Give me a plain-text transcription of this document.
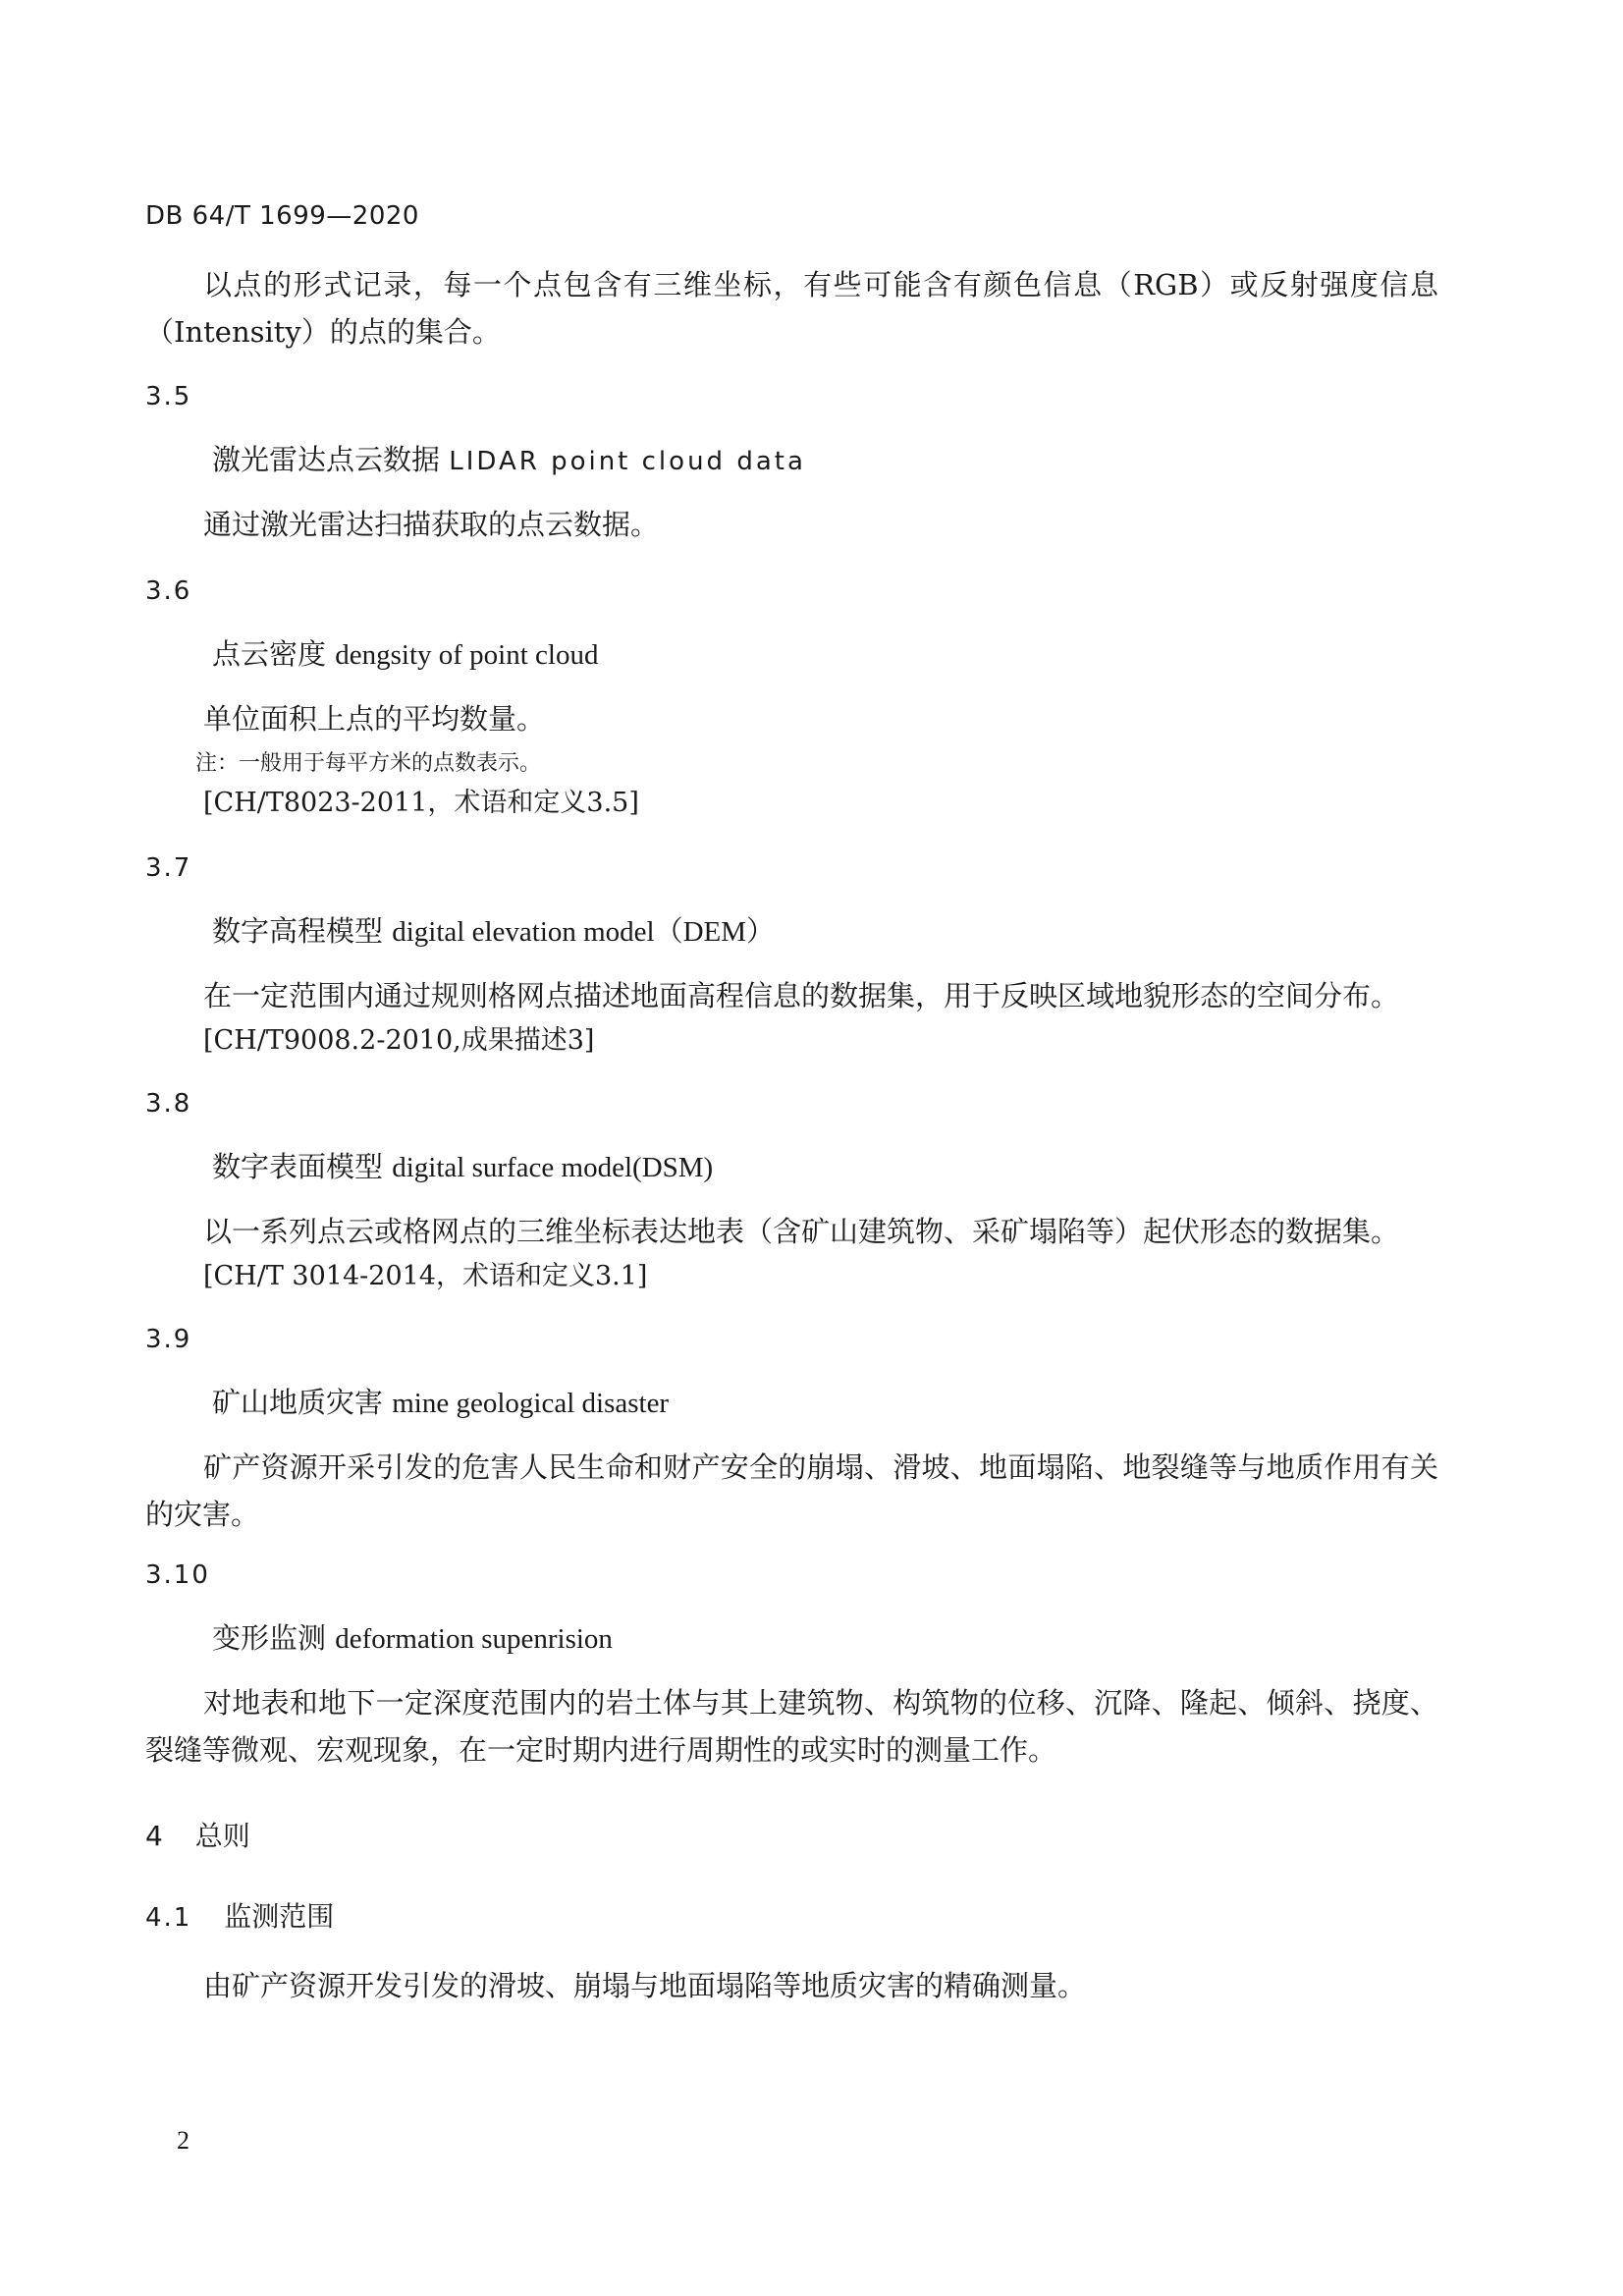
DB 64/T 1699—2020
以点的形式记录，每一个点包含有三维坐标，有些可能含有颜色信息（RGB）或反射强度信息
（Intensity）的点的集合。
3.5
激光雷达点云数据 LIDAR point cloud data
通过激光雷达扫描获取的点云数据。
3.6
点云密度 dengsity of point cloud
单位面积上点的平均数量。
注：一般用于每平方米的点数表示。
[CH/T8023-2011，术语和定义3.5]
3.7
数字高程模型 digital elevation model（DEM）
在一定范围内通过规则格网点描述地面高程信息的数据集，用于反映区域地貌形态的空间分布。
[CH/T9008.2-2010,成果描述3]
3.8
数字表面模型 digital surface model(DSM)
以一系列点云或格网点的三维坐标表达地表（含矿山建筑物、采矿塌陷等）起伏形态的数据集。
[CH/T 3014-2014，术语和定义3.1]
3.9
矿山地质灾害 mine geological disaster
矿产资源开采引发的危害人民生命和财产安全的崩塌、滑坡、地面塌陷、地裂缝等与地质作用有关
的灾害。
3.10
变形监测 deformation supenrision
对地表和地下一定深度范围内的岩土体与其上建筑物、构筑物的位移、沉降、隆起、倾斜、挠度、
裂缝等微观、宏观现象，在一定时期内进行周期性的或实时的测量工作。
4 总则
4.1 监测范围
由矿产资源开发引发的滑坡、崩塌与地面塌陷等地质灾害的精确测量。
2
